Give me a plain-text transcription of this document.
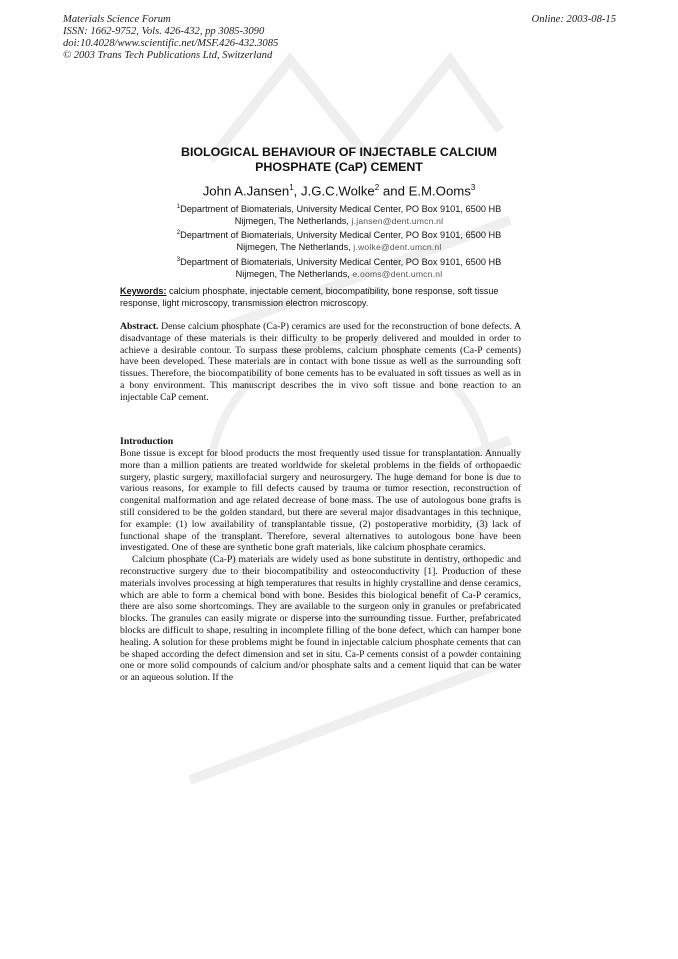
Materials Science Forum
ISSN: 1662-9752, Vols. 426-432, pp 3085-3090
doi:10.4028/www.scientific.net/MSF.426-432.3085
© 2003 Trans Tech Publications Ltd, Switzerland
Online: 2003-08-15
BIOLOGICAL BEHAVIOUR OF INJECTABLE CALCIUM
PHOSPHATE (CaP) CEMENT
John A.Jansen$^1$, J.G.C.Wolke$^2$ and E.M.Ooms$^3$
$^1$Department of Biomaterials, University Medical Center, PO Box 9101, 6500 HB
Nijmegen, The Netherlands, j.jansen@dent.umcn.nl
$^2$Department of Biomaterials, University Medical Center, PO Box 9101, 6500 HB
Nijmegen, The Netherlands, j.wolke@dent.umcn.nl
$^3$Department of Biomaterials, University Medical Center, PO Box 9101, 6500 HB
Nijmegen, The Netherlands, e.ooms@dent.umcn.nl
Keywords: calcium phosphate, injectable cement, biocompatibility, bone response, soft tissue response, light microscopy, transmission electron microscopy.
Abstract. Dense calcium phosphate (Ca-P) ceramics are used for the reconstruction of bone defects. A disadvantage of these materials is their difficulty to be properly delivered and moulded in order to achieve a desirable contour. To surpass these problems, calcium phosphate cements (Ca-P cements) have been developed. These materials are in contact with bone tissue as well as the surrounding soft tissues. Therefore, the biocompatibility of bone cements has to be evaluated in soft tissues as well as in a bony environment. This manuscript describes the in vivo soft tissue and bone reaction to an injectable CaP cement.
Introduction

Bone tissue is except for blood products the most frequently used tissue for transplantation. Annually more than a million patients are treated worldwide for skeletal problems in the fields of orthopaedic surgery, plastic surgery, maxillofacial surgery and neurosurgery. The huge demand for bone is due to various reasons, for example to fill defects caused by trauma or tumor resection, reconstruction of congenital malformation and age related decrease of bone mass. The use of autologous bone grafts is still considered to be the golden standard, but there are several major disadvantages in this technique, for example: (1) low availability of transplantable tissue, (2) postoperative morbidity, (3) lack of functional shape of the transplant. Therefore, several alternatives to autologous bone have been investigated. One of these are synthetic bone graft materials, like calcium phosphate ceramics.

Calcium phosphate (Ca-P) materials are widely used as bone substitute in dentistry, orthopedic and reconstructive surgery due to their biocompatibility and osteoconductivity [1]. Production of these materials involves processing at high temperatures that results in highly crystalline and dense ceramics, which are able to form a chemical bond with bone. Besides this biological benefit of Ca-P ceramics, there are also some shortcomings. They are available to the surgeon only in granules or prefabricated blocks. The granules can easily migrate or disperse into the surrounding tissue. Further, prefabricated blocks are difficult to shape, resulting in incomplete filling of the bone defect, which can hamper bone healing. A solution for these problems might be found in injectable calcium phosphate cements that can be shaped according the defect dimension and set in situ. Ca-P cements consist of a powder containing one or more solid compounds of calcium and/or phosphate salts and a cement liquid that can be water or an aqueous solution. If the
